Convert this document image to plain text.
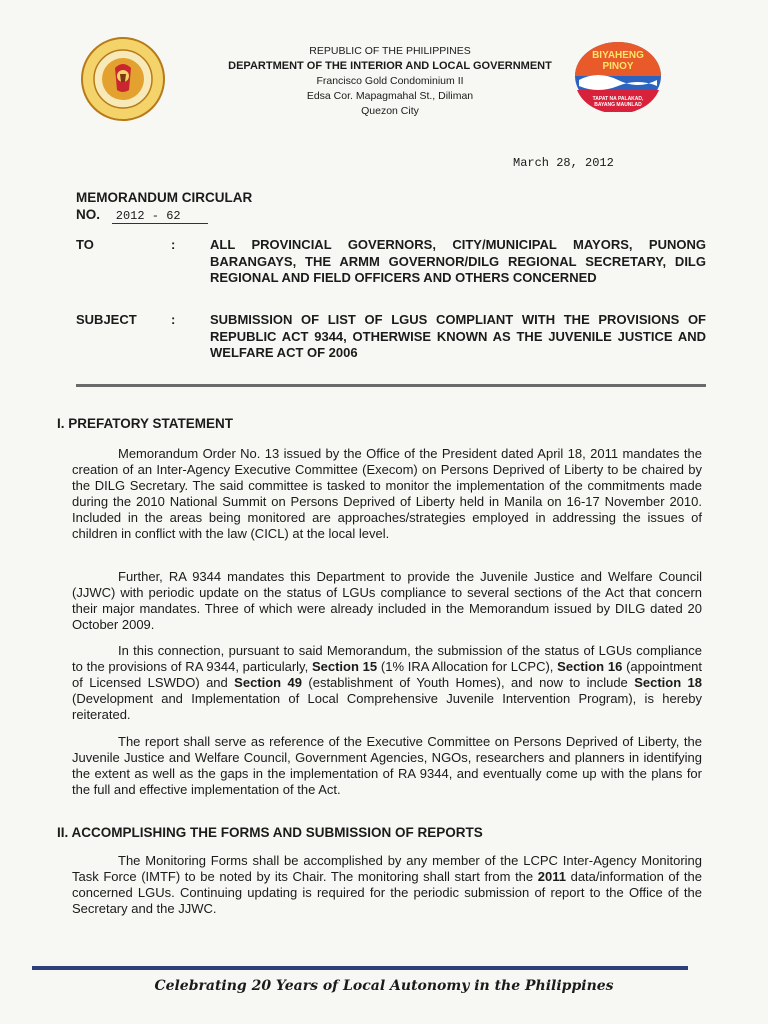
REPUBLIC OF THE PHILIPPINES
DEPARTMENT OF THE INTERIOR AND LOCAL GOVERNMENT
Francisco Gold Condominium II
Edsa Cor. Mapagmahal St., Diliman
Quezon City
BIYAHENG
PINOY
TAPAT NA PALAKAD,
BAYANG MAUNLAD
March 28, 2012
MEMORANDUM CIRCULAR
NO. 2012 - 62
TO	:	ALL PROVINCIAL GOVERNORS, CITY/MUNICIPAL MAYORS, PUNONG BARANGAYS, THE ARMM GOVERNOR/DILG REGIONAL SECRETARY, DILG REGIONAL AND FIELD OFFICERS AND OTHERS CONCERNED
SUBJECT	:	SUBMISSION OF LIST OF LGUS COMPLIANT WITH THE PROVISIONS OF REPUBLIC ACT 9344, OTHERWISE KNOWN AS THE JUVENILE JUSTICE AND WELFARE ACT OF 2006
I. PREFATORY STATEMENT
Memorandum Order No. 13 issued by the Office of the President dated April 18, 2011 mandates the creation of an Inter-Agency Executive Committee (Execom) on Persons Deprived of Liberty to be chaired by the DILG Secretary. The said committee is tasked to monitor the implementation of the commitments made during the 2010 National Summit on Persons Deprived of Liberty held in Manila on 16-17 November 2010. Included in the areas being monitored are approaches/strategies employed in addressing the issues of children in conflict with the law (CICL) at the local level.
Further, RA 9344 mandates this Department to provide the Juvenile Justice and Welfare Council (JJWC) with periodic update on the status of LGUs compliance to several sections of the Act that concern their major mandates. Three of which were already included in the Memorandum issued by DILG dated 20 October 2009.
In this connection, pursuant to said Memorandum, the submission of the status of LGUs compliance to the provisions of RA 9344, particularly, Section 15 (1% IRA Allocation for LCPC), Section 16 (appointment of Licensed LSWDO) and Section 49 (establishment of Youth Homes), and now to include Section 18 (Development and Implementation of Local Comprehensive Juvenile Intervention Program), is hereby reiterated.
The report shall serve as reference of the Executive Committee on Persons Deprived of Liberty, the Juvenile Justice and Welfare Council, Government Agencies, NGOs, researchers and planners in identifying the extent as well as the gaps in the implementation of RA 9344, and eventually come up with the plans for the full and effective implementation of the Act.
II. ACCOMPLISHING THE FORMS AND SUBMISSION OF REPORTS
The Monitoring Forms shall be accomplished by any member of the LCPC Inter-Agency Monitoring Task Force (IMTF) to be noted by its Chair. The monitoring shall start from the 2011 data/information of the concerned LGUs. Continuing updating is required for the periodic submission of report to the Office of the Secretary and the JJWC.
Celebrating 20 Years of Local Autonomy in the Philippines
